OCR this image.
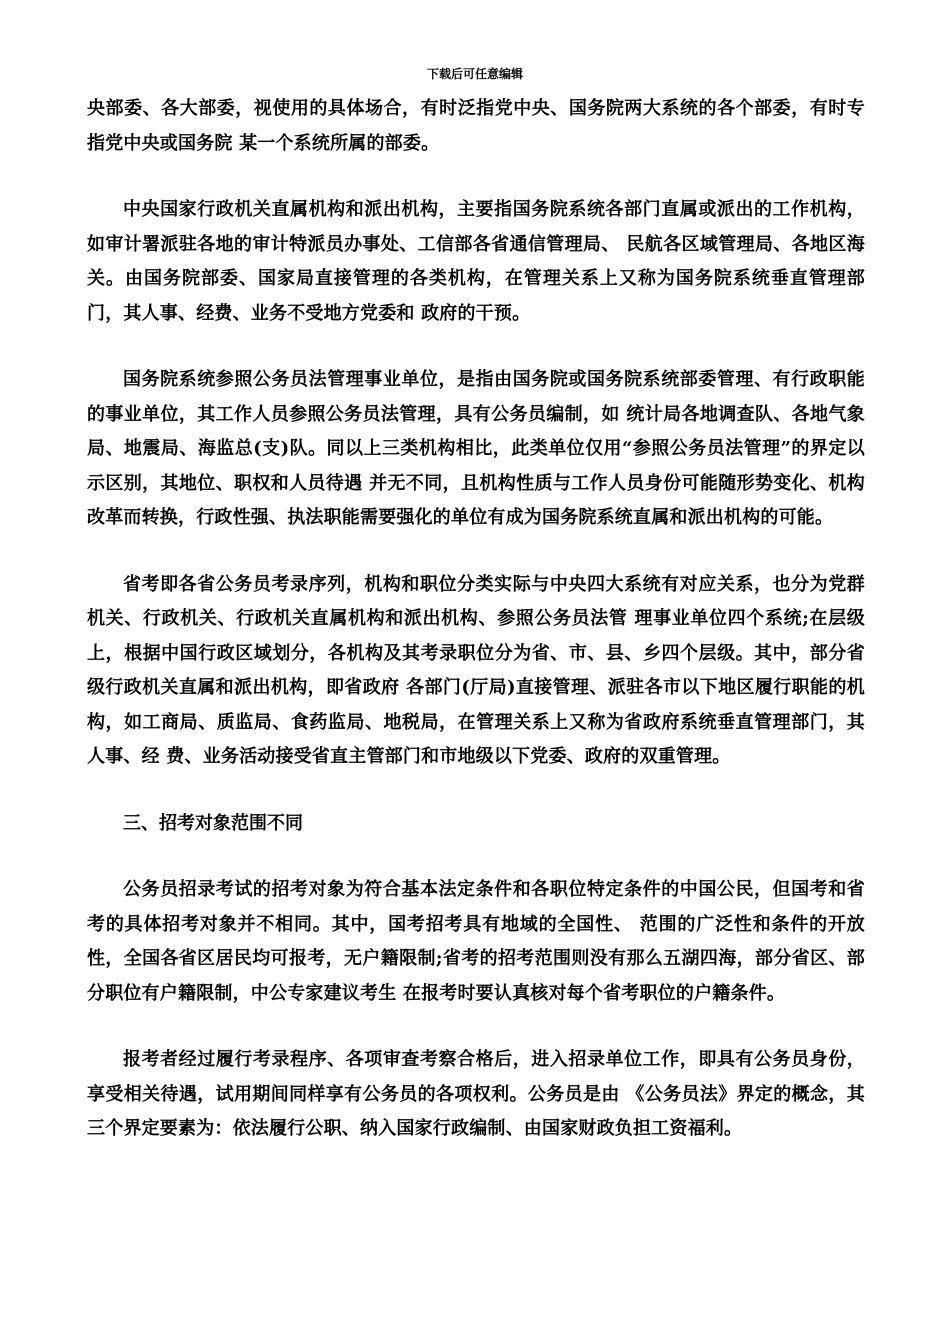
下载后可任意编辑

央部委、各大部委，视使用的具体场合，有时泛指党中央、国务院两大系统的各个部委，有时专指党中央或国务院 某一个系统所属的部委。

中央国家行政机关直属机构和派出机构，主要指国务院系统各部门直属或派出的工作机构，如审计署派驻各地的审计特派员办事处、工信部各省通信管理局、 民航各区域管理局、各地区海关。由国务院部委、国家局直接管理的各类机构，在管理关系上又称为国务院系统垂直管理部门，其人事、经费、业务不受地方党委和 政府的干预。

国务院系统参照公务员法管理事业单位，是指由国务院或国务院系统部委管理、有行政职能的事业单位，其工作人员参照公务员法管理，具有公务员编制，如 统计局各地调查队、各地气象局、地震局、海监总(支)队。同以上三类机构相比，此类单位仅用“参照公务员法管理”的界定以示区别，其地位、职权和人员待遇 并无不同，且机构性质与工作人员身份可能随形势变化、机构改革而转换，行政性强、执法职能需要强化的单位有成为国务院系统直属和派出机构的可能。

省考即各省公务员考录序列，机构和职位分类实际与中央四大系统有对应关系，也分为党群机关、行政机关、行政机关直属机构和派出机构、参照公务员法管 理事业单位四个系统;在层级上，根据中国行政区域划分，各机构及其考录职位分为省、市、县、乡四个层级。其中，部分省级行政机关直属和派出机构，即省政府 各部门(厅局)直接管理、派驻各市以下地区履行职能的机构，如工商局、质监局、食药监局、地税局，在管理关系上又称为省政府系统垂直管理部门，其人事、经 费、业务活动接受省直主管部门和市地级以下党委、政府的双重管理。

三、招考对象范围不同

公务员招录考试的招考对象为符合基本法定条件和各职位特定条件的中国公民，但国考和省考的具体招考对象并不相同。其中，国考招考具有地域的全国性、 范围的广泛性和条件的开放性，全国各省区居民均可报考，无户籍限制;省考的招考范围则没有那么五湖四海，部分省区、部分职位有户籍限制，中公专家建议考生 在报考时要认真核对每个省考职位的户籍条件。

报考者经过履行考录程序、各项审查考察合格后，进入招录单位工作，即具有公务员身份，享受相关待遇，试用期间同样享有公务员的各项权利。公务员是由 《公务员法》界定的概念，其三个界定要素为：依法履行公职、纳入国家行政编制、由国家财政负担工资福利。
